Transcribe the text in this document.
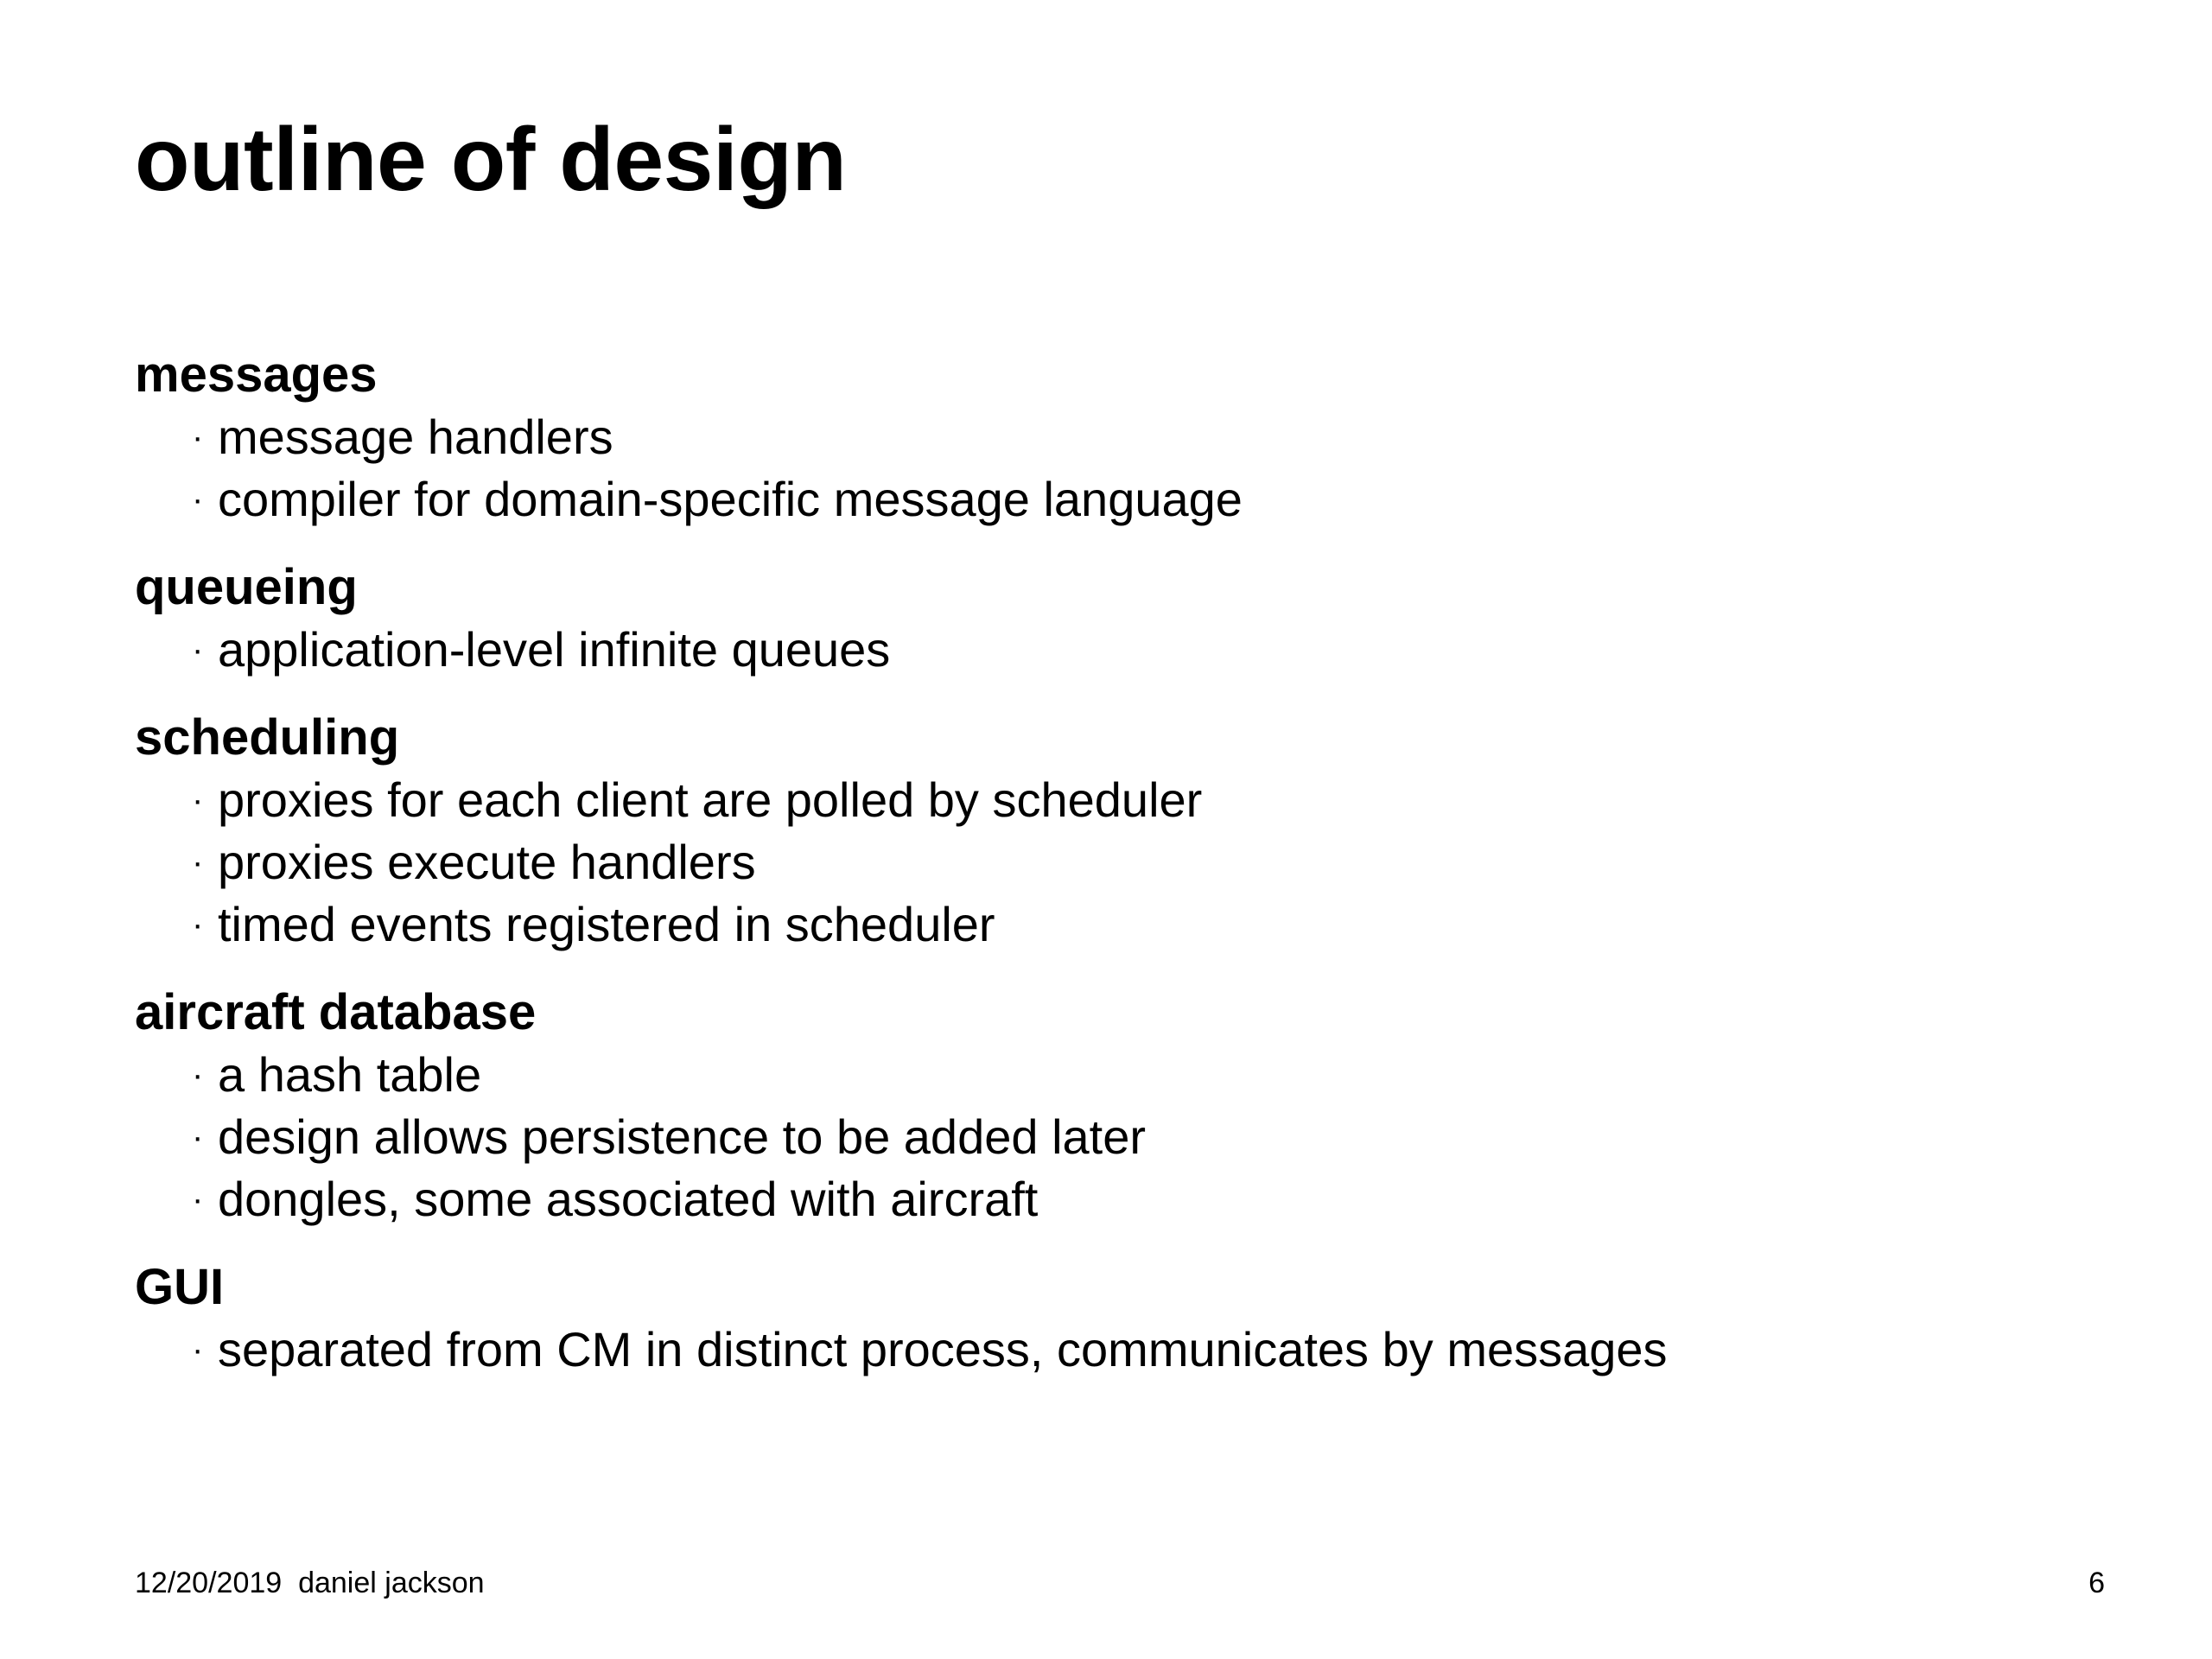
outline of design
messages
· message handlers
· compiler for domain-specific message language
queueing
· application-level infinite queues
scheduling
· proxies for each client are polled by scheduler
· proxies execute handlers
· timed events registered in scheduler
aircraft database
· a hash table
· design allows persistence to be added later
· dongles, some associated with aircraft
GUI
· separated from CM in distinct process, communicates by messages
12/20/2019 daniel jackson	6
